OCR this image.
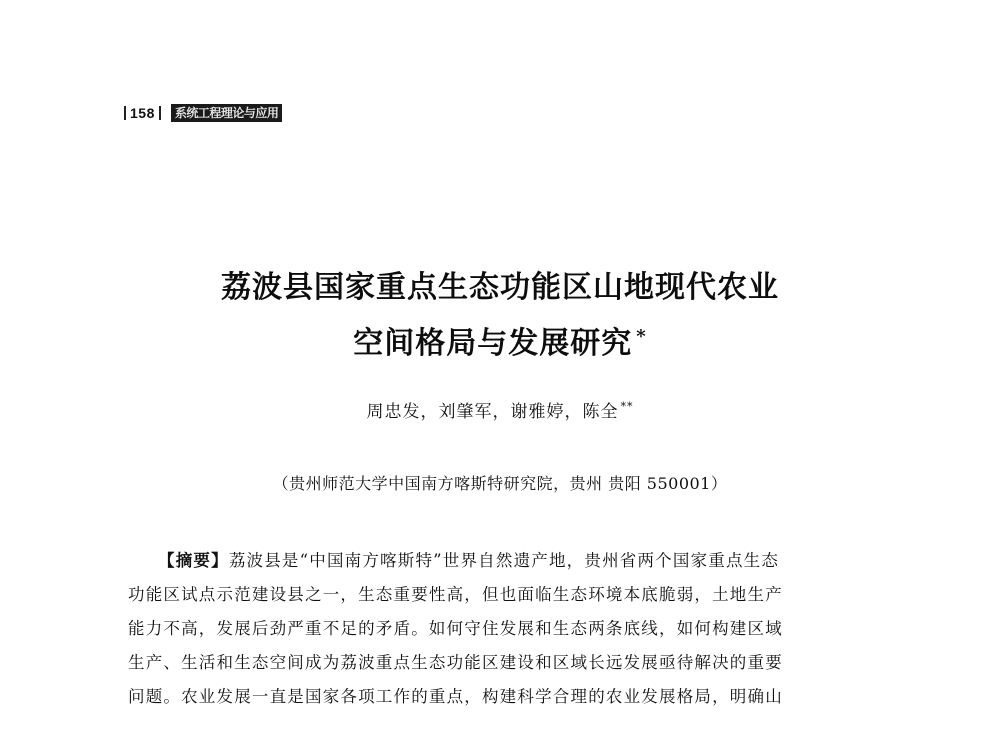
158	系统工程理论与应用
荔波县国家重点生态功能区山地现代农业
空间格局与发展研究 *
周忠发，刘肇军，谢雅婷，陈全 **
（贵州师范大学中国南方喀斯特研究院，贵州 贵阳 550001）
【摘要】荔波县是“中国南方喀斯特”世界自然遗产地，贵州省两个国家重点生态
功能区试点示范建设县之一，生态重要性高，但也面临生态环境本底脆弱，土地生产
能力不高，发展后劲严重不足的矛盾。如何守住发展和生态两条底线，如何构建区域
生产、生活和生态空间成为荔波重点生态功能区建设和区域长远发展亟待解决的重要
问题。农业发展一直是国家各项工作的重点，构建科学合理的农业发展格局，明确山
